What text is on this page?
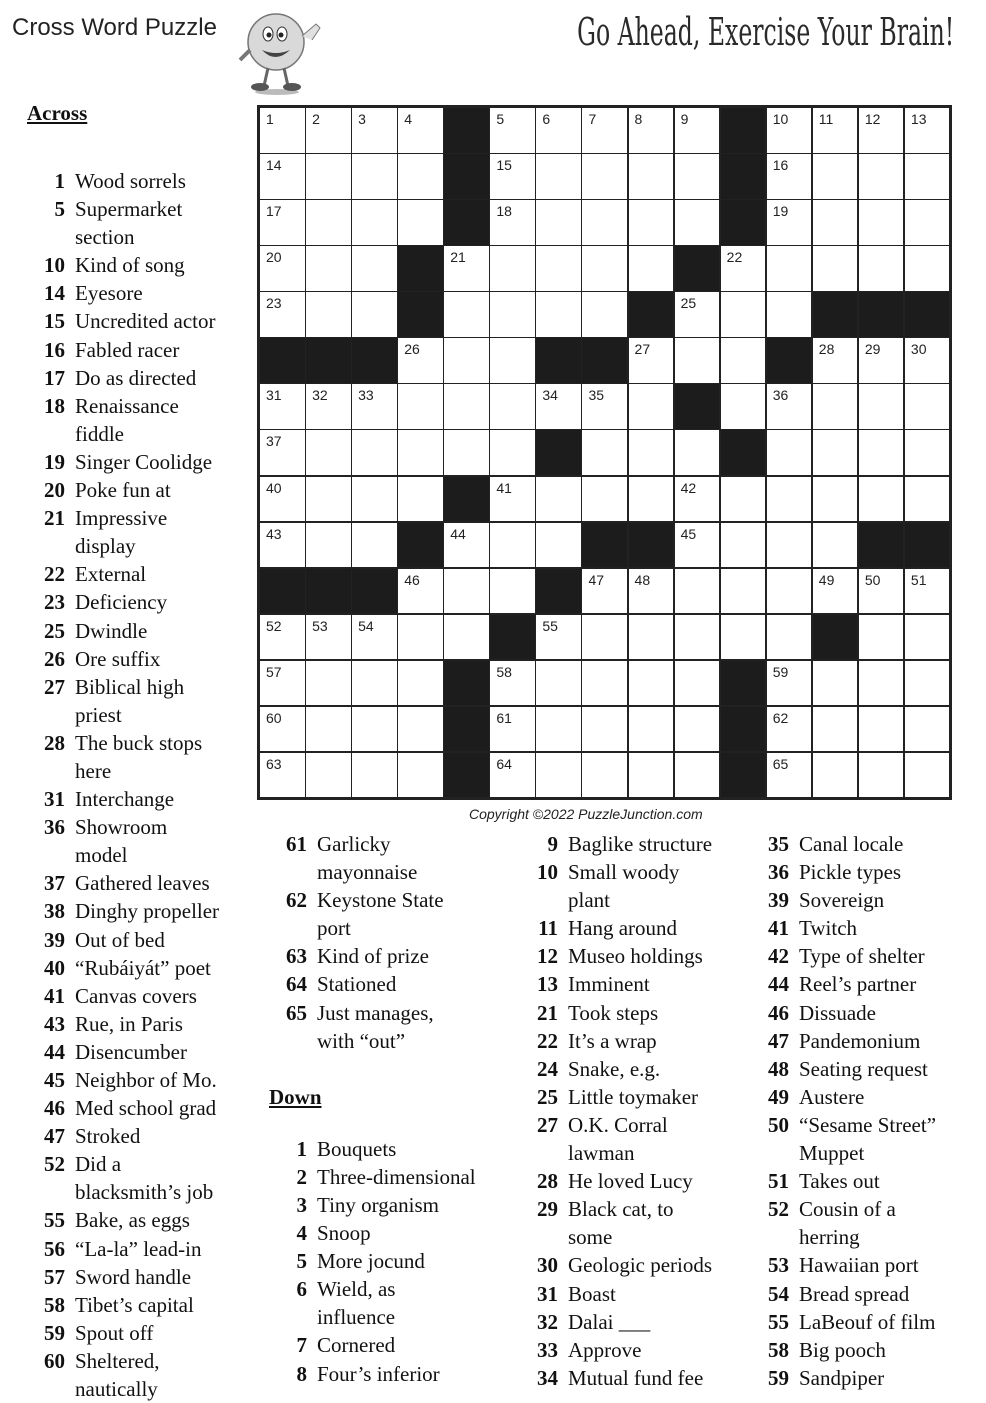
Cross Word Puzzle	Go Ahead, Exercise Your Brain!
1	2	3	4	5	6	7	8	9	10 11 12 13
14	15	16
17	18	19
20	21	22
23	25
26	27	28 29 30
31 32 33	34 35	36
37
40	41	42
43	44	45
46	47 48	49 50 51
52 53 54	55
57	58	59
60	61	62
63	64	65
Copyright ©2022 PuzzleJunction.com
Across
1 Wood sorrels
5 Supermarket
section
10 Kind of song
14 Eyesore
15 Uncredited actor
16 Fabled racer
17 Do as directed
18 Renaissance
fiddle
19 Singer Coolidge
20 Poke fun at
21 Impressive
display
22 External
23 Deficiency
25 Dwindle
26 Ore suffix
27 Biblical high
priest
28 The buck stops
here
31 Interchange
36 Showroom
model
37 Gathered leaves
38 Dinghy propeller
39 Out of bed
40 “Rubáiyát” poet
41 Canvas covers
43 Rue, in Paris
44 Disencumber
45 Neighbor of Mo.
46 Med school grad
47 Stroked
52 Did a
blacksmith’s job
55 Bake, as eggs
56 “La-la” lead-in
57 Sword handle
58 Tibet’s capital
59 Spout off
60 Sheltered,
nautically
61 Garlicky
mayonnaise
62 Keystone State
port
63 Kind of prize
64 Stationed
65 Just manages,
with “out”
Down
1 Bouquets
2 Three-dimensional
3 Tiny organism
4 Snoop
5 More jocund
6 Wield, as
influence
7 Cornered
8 Four’s inferior
9 Baglike structure
10 Small woody
plant
11 Hang around
12 Museo holdings
13 Imminent
21 Took steps
22 It’s a wrap
24 Snake, e.g.
25 Little toymaker
27 O.K. Corral
lawman
28 He loved Lucy
29 Black cat, to
some
30 Geologic periods
31 Boast
32 Dalai ___
33 Approve
34 Mutual fund fee
35 Canal locale
36 Pickle types
39 Sovereign
41 Twitch
42 Type of shelter
44 Reel’s partner
46 Dissuade
47 Pandemonium
48 Seating request
49 Austere
50 “Sesame Street”
Muppet
51 Takes out
52 Cousin of a
herring
53 Hawaiian port
54 Bread spread
55 LaBeouf of film
58 Big pooch
59 Sandpiper
